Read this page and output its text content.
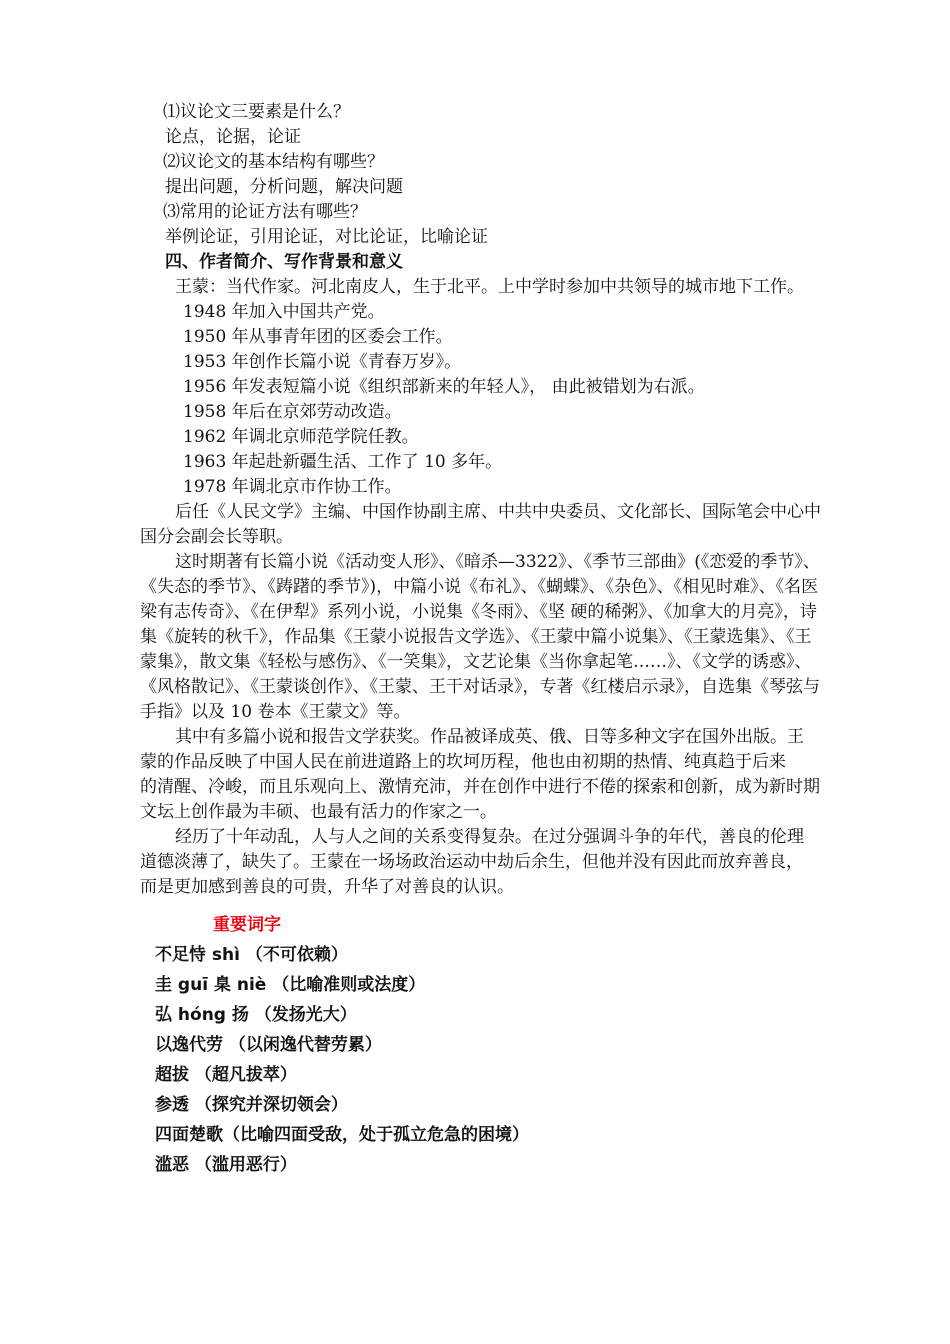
⑴议论文三要素是什么？
论点，论据，论证
⑵议论文的基本结构有哪些？
提出问题，分析问题，解决问题
⑶常用的论证方法有哪些？
举例论证，引用论证，对比论证，比喻论证
四、作者简介、写作背景和意义
王蒙：当代作家。河北南皮人，生于北平。上中学时参加中共领导的城市地下工作。
1948 年加入中国共产党。
1950 年从事青年团的区委会工作。
1953 年创作长篇小说《青春万岁》。
1956 年发表短篇小说《组织部新来的年轻人》， 由此被错划为右派。
1958 年后在京郊劳动改造。
1962 年调北京师范学院任教。
1963 年起赴新疆生活、工作了 10 多年。
1978 年调北京市作协工作。
后任《人民文学》主编、中国作协副主席、中共中央委员、文化部长、国际笔会中心中
国分会副会长等职。
这时期著有长篇小说《活动变人形》、《暗杀—3322》、《季节三部曲》(《恋爱的季节》、
《失态的季节》、《踌躇的季节》)，中篇小说《布礼》、《蝴蝶》、《杂色》、《相见时难》、《名医
梁有志传奇》、《在伊犁》系列小说，小说集《冬雨》、《坚 硬的稀粥》、《加拿大的月亮》，诗
集《旋转的秋千》，作品集《王蒙小说报告文学选》、《王蒙中篇小说集》、《王蒙选集》、《王
蒙集》，散文集《轻松与感伤》、《一笑集》，文艺论集《当你拿起笔……》、《文学的诱惑》、
《风格散记》、《王蒙谈创作》、《王蒙、王干对话录》，专著《红楼启示录》，自选集《琴弦与
手指》以及 10 卷本《王蒙文》等。
其中有多篇小说和报告文学获奖。作品被译成英、俄、日等多种文字在国外出版。王
蒙的作品反映了中国人民在前进道路上的坎坷历程，他也由初期的热情、纯真趋于后来
的清醒、冷峻，而且乐观向上、激情充沛，并在创作中进行不倦的探索和创新，成为新时期
文坛上创作最为丰硕、也最有活力的作家之一。
经历了十年动乱，人与人之间的关系变得复杂。在过分强调斗争的年代，善良的伦理
道德淡薄了，缺失了。王蒙在一场场政治运动中劫后余生，但他并没有因此而放弃善良，
而是更加感到善良的可贵，升华了对善良的认识。
重要词字
不足恃 shì （不可依赖）
圭 guī 臬 niè （比喻准则或法度）
弘 hóng 扬 （发扬光大）
以逸代劳 （以闲逸代替劳累）
超拔 （超凡拔萃）
参透 （探究并深切领会）
四面楚歌（比喻四面受敌，处于孤立危急的困境）
滥恶 （滥用恶行）
